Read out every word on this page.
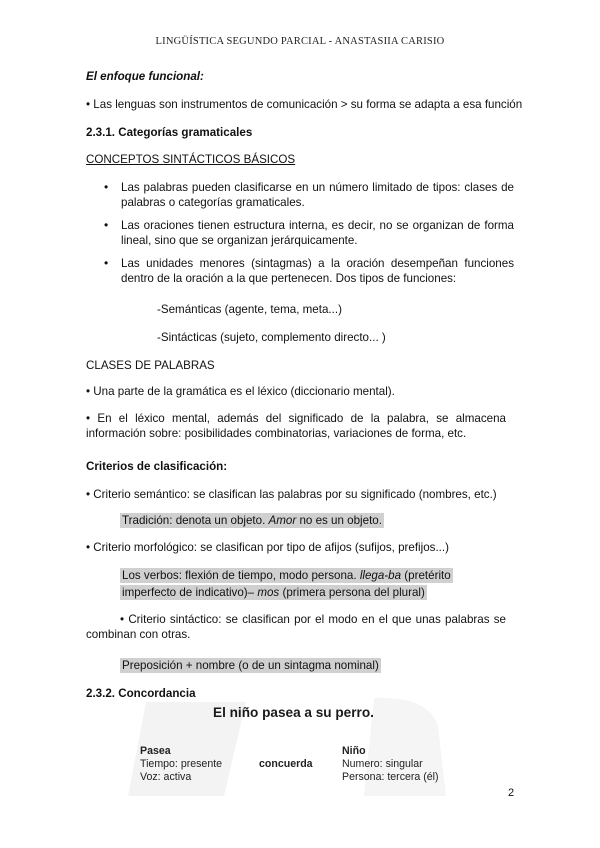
LINGÜÍSTICA SEGUNDO PARCIAL - ANASTASIIA CARISIO
El enfoque funcional:
• Las lenguas son instrumentos de comunicación > su forma se adapta a esa función
2.3.1. Categorías gramaticales
CONCEPTOS SINTÁCTICOS BÁSICOS
• Las palabras pueden clasificarse en un número limitado de tipos: clases de palabras o categorías gramaticales.
• Las oraciones tienen estructura interna, es decir, no se organizan de forma lineal, sino que se organizan jerárquicamente.
• Las unidades menores (sintagmas) a la oración desempeñan funciones dentro de la oración a la que pertenecen. Dos tipos de funciones:
-Semánticas (agente, tema, meta...)
-Sintácticas (sujeto, complemento directo... )
CLASES DE PALABRAS
• Una parte de la gramática es el léxico (diccionario mental).
• En el léxico mental, además del significado de la palabra, se almacena información sobre: posibilidades combinatorias, variaciones de forma, etc.
Criterios de clasificación:
• Criterio semántico: se clasifican las palabras por su significado (nombres, etc.)
Tradición: denota un objeto. Amor no es un objeto.
• Criterio morfológico: se clasifican por tipo de afijos (sufijos, prefijos...)
Los verbos: flexión de tiempo, modo persona. llega-ba (pretérito imperfecto de indicativo)– mos (primera persona del plural)
• Criterio sintáctico: se clasifican por el modo en el que unas palabras se combinan con otras.
Preposición + nombre (o de un sintagma nominal)
2.3.2. Concordancia
El niño pasea a su perro.
Pasea
Tiempo: presente
Voz: activa
concuerda
Niño
Numero: singular
Persona: tercera (él)
2
